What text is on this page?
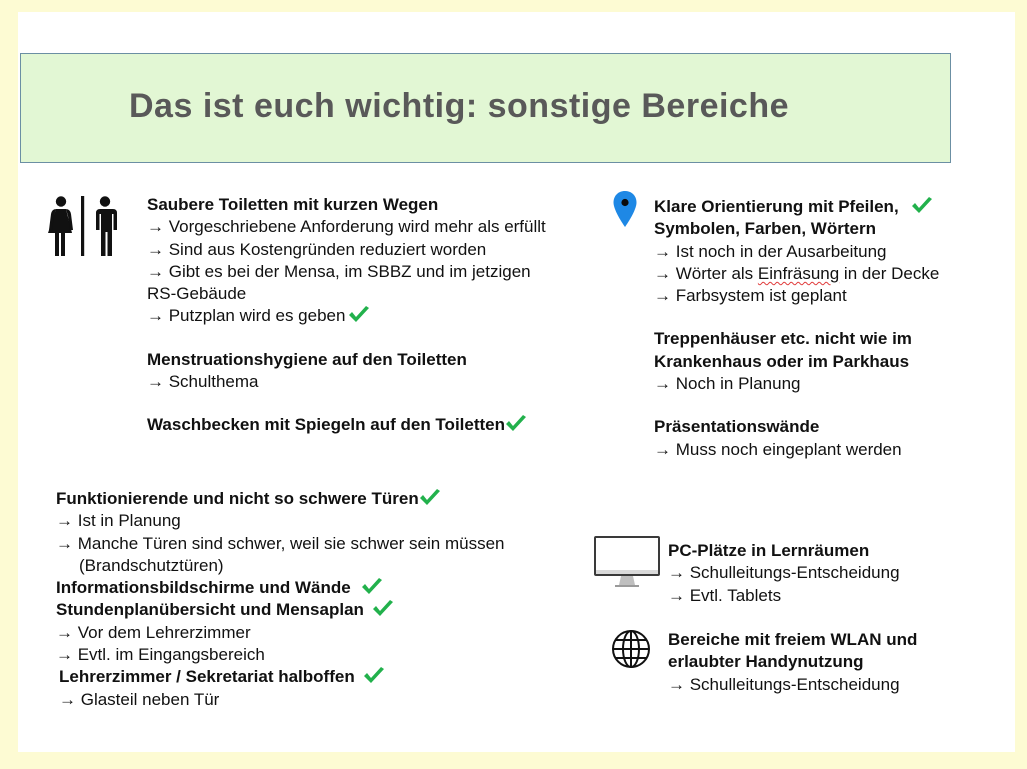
Das ist euch wichtig: sonstige Bereiche
Saubere Toiletten mit kurzen Wegen
→ Vorgeschriebene Anforderung wird mehr als erfüllt
→ Sind aus Kostengründen reduziert worden
→ Gibt es bei der Mensa, im SBBZ und im jetzigen
RS-Gebäude
→ Putzplan wird es geben
Menstruationshygiene auf den Toiletten
→ Schulthema
Waschbecken mit Spiegeln auf den Toiletten
Klare Orientierung mit Pfeilen,
Symbolen, Farben, Wörtern
→ Ist noch in der Ausarbeitung
→ Wörter als Einfräsung in der Decke
→ Farbsystem ist geplant
Treppenhäuser etc. nicht wie im
Krankenhaus oder im Parkhaus
→ Noch in Planung
Präsentationswände
→ Muss noch eingeplant werden
Funktionierende und nicht so schwere Türen
→ Ist in Planung
→ Manche Türen sind schwer, weil sie schwer sein müssen
(Brandschutztüren)
Informationsbildschirme und Wände
Stundenplanübersicht und Mensaplan
→ Vor dem Lehrerzimmer
→ Evtl. im Eingangsbereich
Lehrerzimmer / Sekretariat halboffen
→ Glasteil neben Tür
PC-Plätze in Lernräumen
→ Schulleitungs-Entscheidung
→ Evtl. Tablets
Bereiche mit freiem WLAN und
erlaubter Handynutzung
→ Schulleitungs-Entscheidung
